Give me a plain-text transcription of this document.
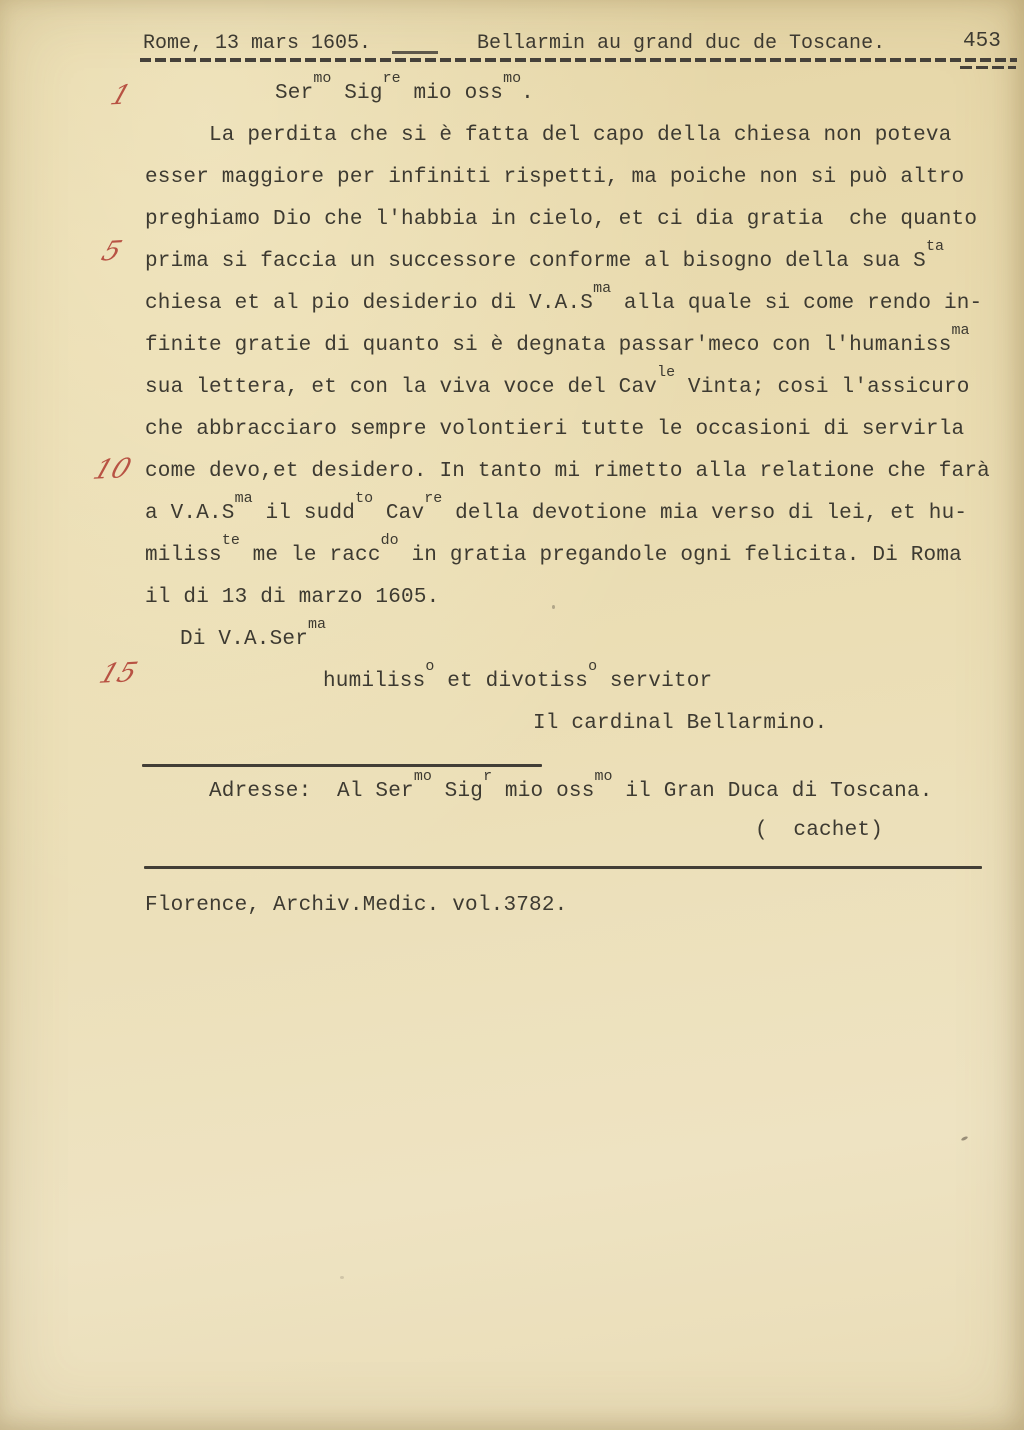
Rome, 13 mars 1605.	Bellarmin au grand duc de Toscane.	453
1
5
10
15
Ser$^{mo}$ Sig$^{re}$ mio oss$^{mo}$.
La perdita che si è fatta del capo della chiesa non poteva
esser maggiore per infiniti rispetti, ma poiche non si può altro
preghiamo Dio che l'habbia in cielo, et ci dia gratia  che quanto
prima si faccia un successore conforme al bisogno della sua $S^{ta}$
chiesa et al pio desiderio di $V.A.S^{ma}$ alla quale si come rendo in-
finite gratie di quanto si è degnata passar'meco con l'humaniss$^{ma}$
sua lettera, et con la viva voce del Cav$^{le}$ Vinta; cosi l'assicuro
che abbracciaro sempre volontieri tutte le occasioni di servirla
come devo,et desidero. In tanto mi rimetto alla relatione che farà
a $V.A.S^{ma}$ il sudd$^{to}$ Cav$^{re}$ della devotione mia verso di lei, et hu-
miliss$^{te}$ me le racc$^{do}$ in gratia pregandole ogni felicita. Di Roma
il di 13 di marzo 1605.
Di V.A.Ser$^{ma}$
humiliss$^o$ et divotiss$^o$ servitor
Il cardinal Bellarmino.
Adresse:  Al Ser$^{mo}$ Sig$^r$ mio oss$^{mo}$ il Gran Duca di Toscana.
(  cachet)
Florence, Archiv.Medic. vol.3782.
